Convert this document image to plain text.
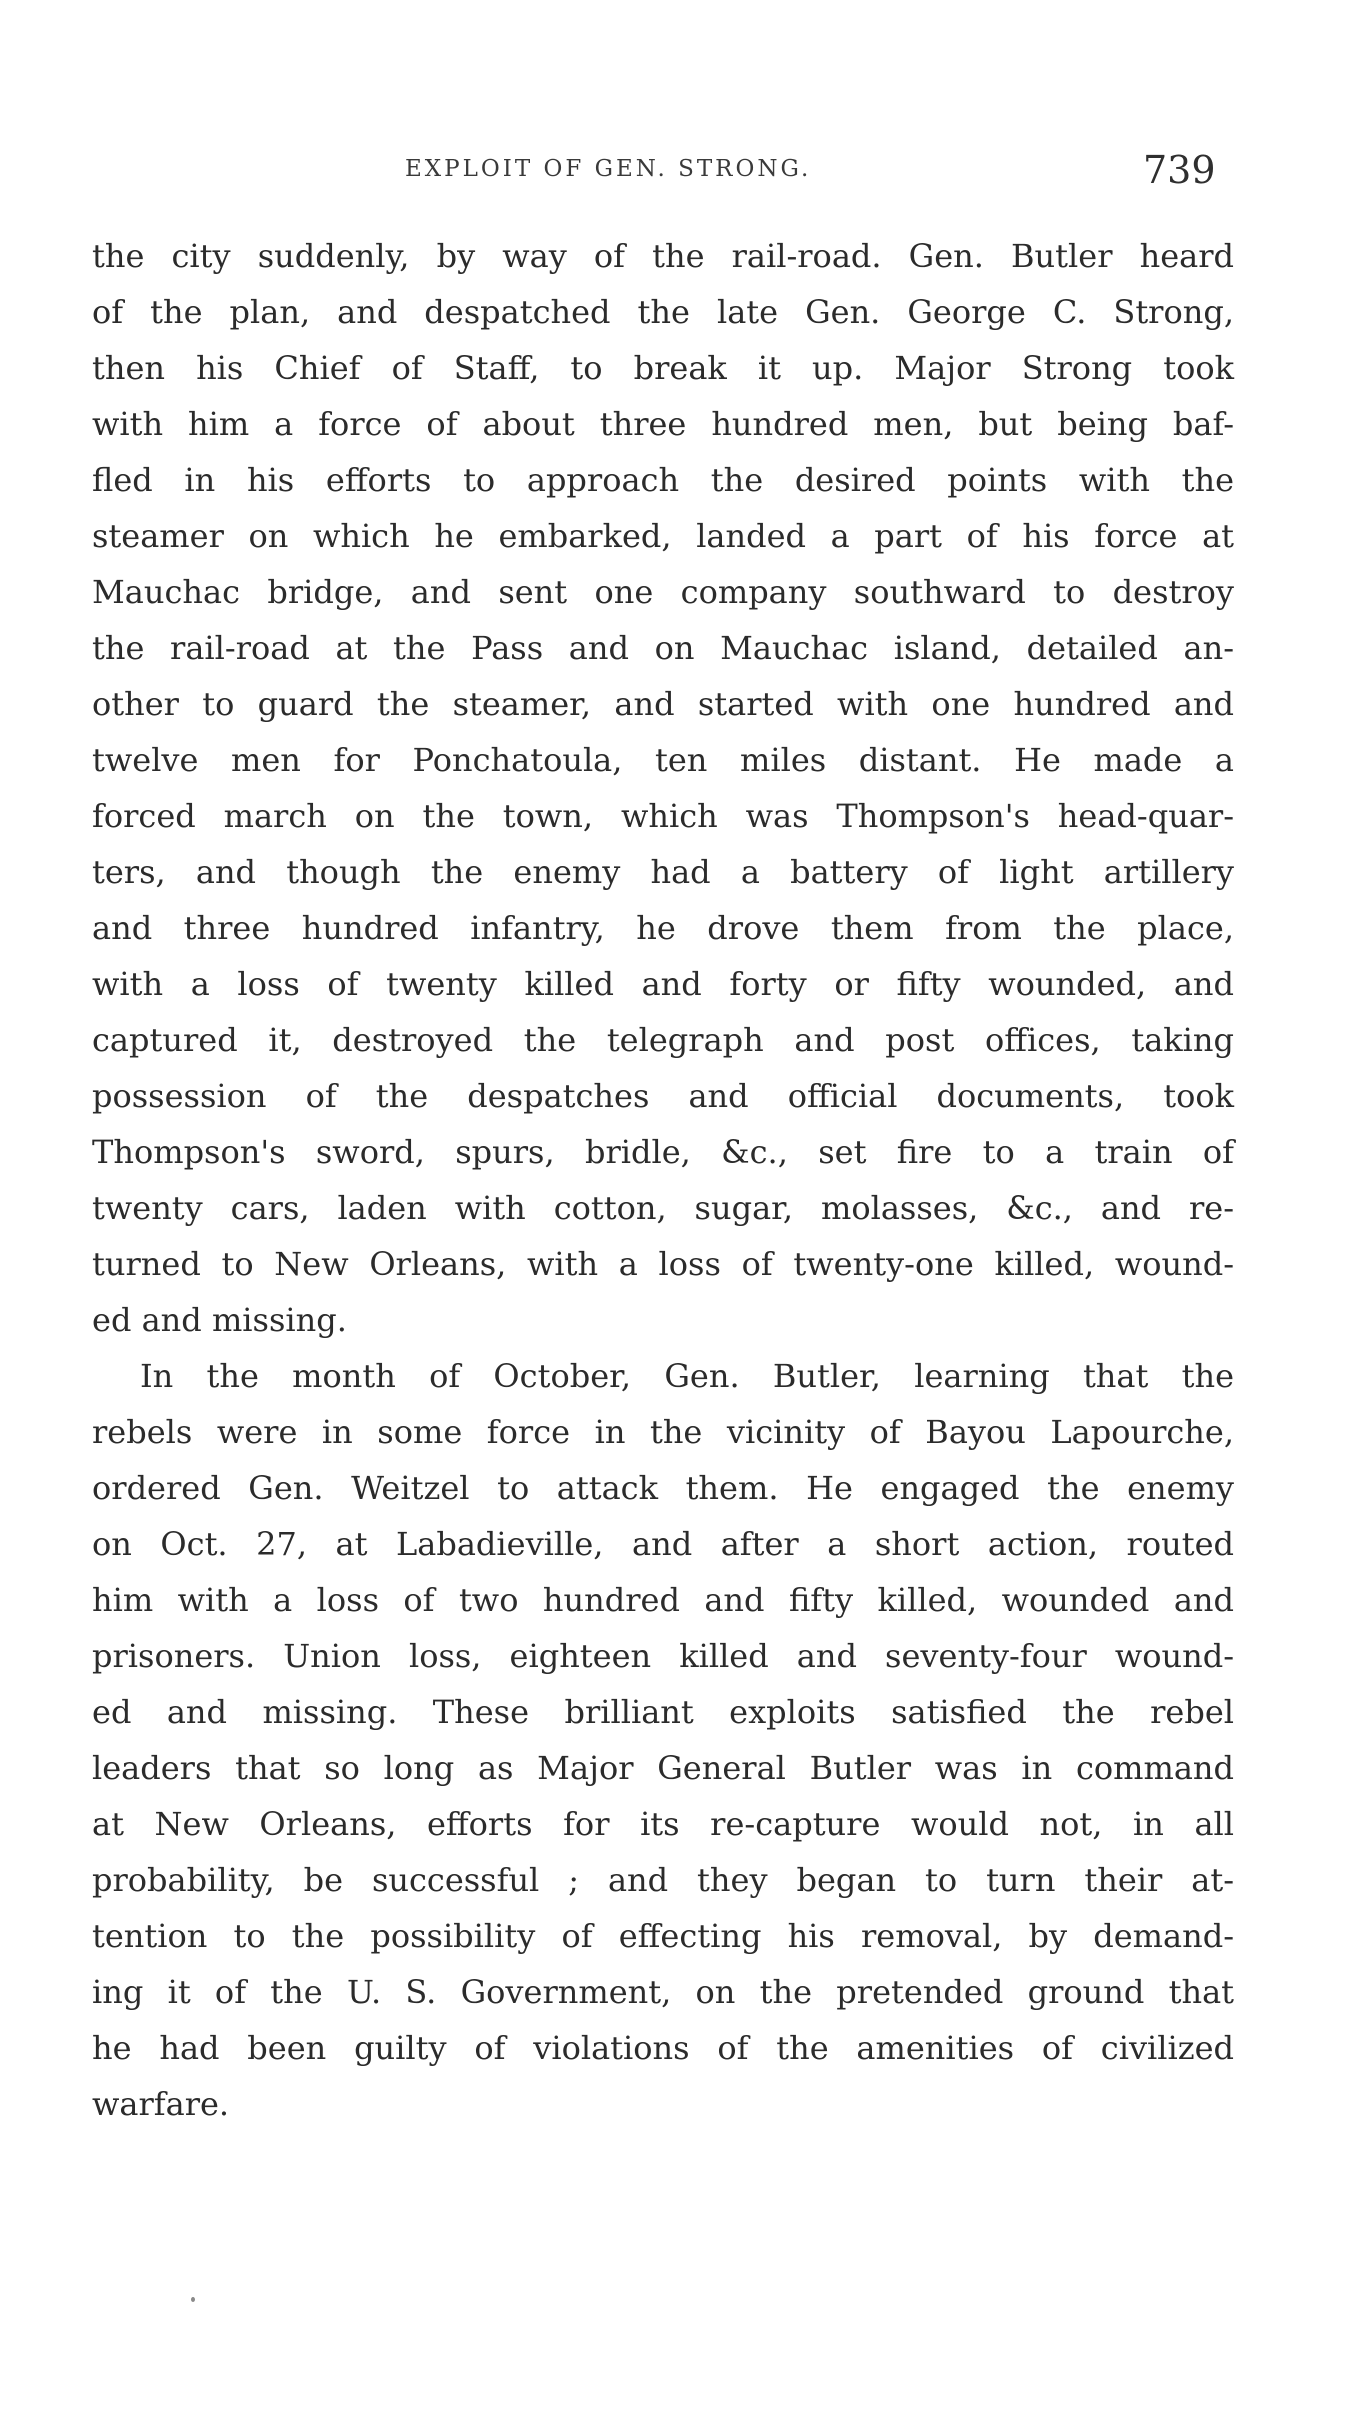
EXPLOIT OF GEN. STRONG.	739
the city suddenly, by way of the rail-road. Gen. Butler heard
of the plan, and despatched the late Gen. George C. Strong,
then his Chief of Staff, to break it up. Major Strong took
with him a force of about three hundred men, but being baf-
fled in his efforts to approach the desired points with the
steamer on which he embarked, landed a part of his force at
Mauchac bridge, and sent one company southward to destroy
the rail-road at the Pass and on Mauchac island, detailed an-
other to guard the steamer, and started with one hundred and
twelve men for Ponchatoula, ten miles distant. He made a
forced march on the town, which was Thompson's head-quar-
ters, and though the enemy had a battery of light artillery
and three hundred infantry, he drove them from the place,
with a loss of twenty killed and forty or fifty wounded, and
captured it, destroyed the telegraph and post offices, taking
possession of the despatches and official documents, took
Thompson's sword, spurs, bridle, &c., set fire to a train of
twenty cars, laden with cotton, sugar, molasses, &c., and re-
turned to New Orleans, with a loss of twenty-one killed, wound-
ed and missing.
In the month of October, Gen. Butler, learning that the
rebels were in some force in the vicinity of Bayou Lapourche,
ordered Gen. Weitzel to attack them. He engaged the enemy
on Oct. 27, at Labadieville, and after a short action, routed
him with a loss of two hundred and fifty killed, wounded and
prisoners. Union loss, eighteen killed and seventy-four wound-
ed and missing. These brilliant exploits satisfied the rebel
leaders that so long as Major General Butler was in command
at New Orleans, efforts for its re-capture would not, in all
probability, be successful ; and they began to turn their at-
tention to the possibility of effecting his removal, by demand-
ing it of the U. S. Government, on the pretended ground that
he had been guilty of violations of the amenities of civilized
warfare.
